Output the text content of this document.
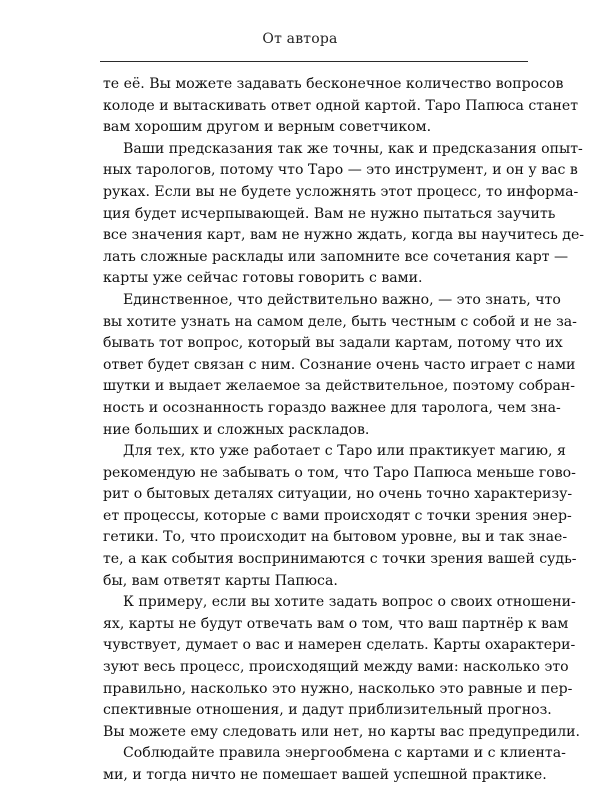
От автора

те её. Вы можете задавать бесконечное количество вопросов
колоде и вытаскивать ответ одной картой. Таро Папюса станет
вам хорошим другом и верным советчиком.

Ваши предсказания так же точны, как и предсказания опыт-
ных тарологов, потому что Таро — это инструмент, и он у вас в
руках. Если вы не будете усложнять этот процесс, то информа-
ция будет исчерпывающей. Вам не нужно пытаться заучить
все значения карт, вам не нужно ждать, когда вы научитесь де-
лать сложные расклады или запомните все сочетания карт —
карты уже сейчас готовы говорить с вами.

Единственное, что действительно важно, — это знать, что
вы хотите узнать на самом деле, быть честным с собой и не за-
бывать тот вопрос, который вы задали картам, потому что их
ответ будет связан с ним. Сознание очень часто играет с нами
шутки и выдает желаемое за действительное, поэтому собран-
ность и осознанность гораздо важнее для таролога, чем зна-
ние больших и сложных раскладов.

Для тех, кто уже работает с Таро или практикует магию, я
рекомендую не забывать о том, что Таро Папюса меньше гово-
рит о бытовых деталях ситуации, но очень точно характеризу-
ет процессы, которые с вами происходят с точки зрения энер-
гетики. То, что происходит на бытовом уровне, вы и так знае-
те, а как события воспринимаются с точки зрения вашей судь-
бы, вам ответят карты Папюса.

К примеру, если вы хотите задать вопрос о своих отношени-
ях, карты не будут отвечать вам о том, что ваш партнёр к вам
чувствует, думает о вас и намерен сделать. Карты охарактери-
зуют весь процесс, происходящий между вами: насколько это
правильно, насколько это нужно, насколько это равные и пер-
спективные отношения, и дадут приблизительный прогноз.
Вы можете ему следовать или нет, но карты вас предупредили.

Соблюдайте правила энергообмена с картами и с клиента-
ми, и тогда ничто не помешает вашей успешной практике.
